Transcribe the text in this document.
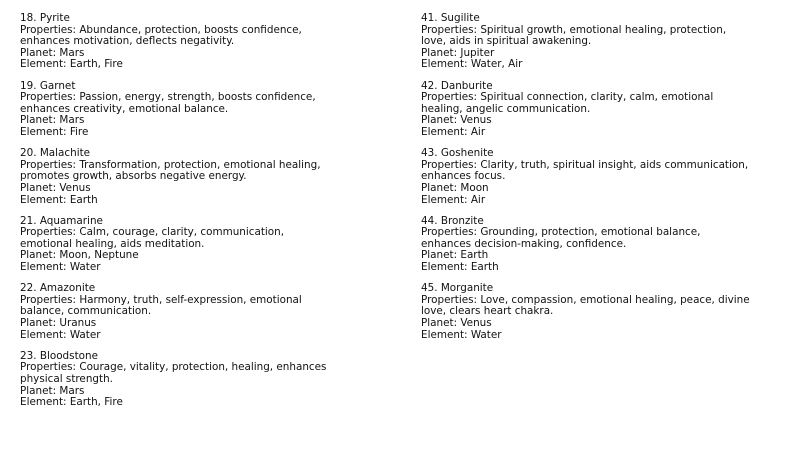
18. Pyrite
Properties: Abundance, protection, boosts confidence,
enhances motivation, deflects negativity.
Planet: Mars
Element: Earth, Fire
19. Garnet
Properties: Passion, energy, strength, boosts confidence,
enhances creativity, emotional balance.
Planet: Mars
Element: Fire
20. Malachite
Properties: Transformation, protection, emotional healing,
promotes growth, absorbs negative energy.
Planet: Venus
Element: Earth
21. Aquamarine
Properties: Calm, courage, clarity, communication,
emotional healing, aids meditation.
Planet: Moon, Neptune
Element: Water
22. Amazonite
Properties: Harmony, truth, self-expression, emotional
balance, communication.
Planet: Uranus
Element: Water
23. Bloodstone
Properties: Courage, vitality, protection, healing, enhances
physical strength.
Planet: Mars
Element: Earth, Fire
41. Sugilite
Properties: Spiritual growth, emotional healing, protection,
love, aids in spiritual awakening.
Planet: Jupiter
Element: Water, Air
42. Danburite
Properties: Spiritual connection, clarity, calm, emotional
healing, angelic communication.
Planet: Venus
Element: Air
43. Goshenite
Properties: Clarity, truth, spiritual insight, aids communication,
enhances focus.
Planet: Moon
Element: Air
44. Bronzite
Properties: Grounding, protection, emotional balance,
enhances decision-making, confidence.
Planet: Earth
Element: Earth
45. Morganite
Properties: Love, compassion, emotional healing, peace, divine
love, clears heart chakra.
Planet: Venus
Element: Water
